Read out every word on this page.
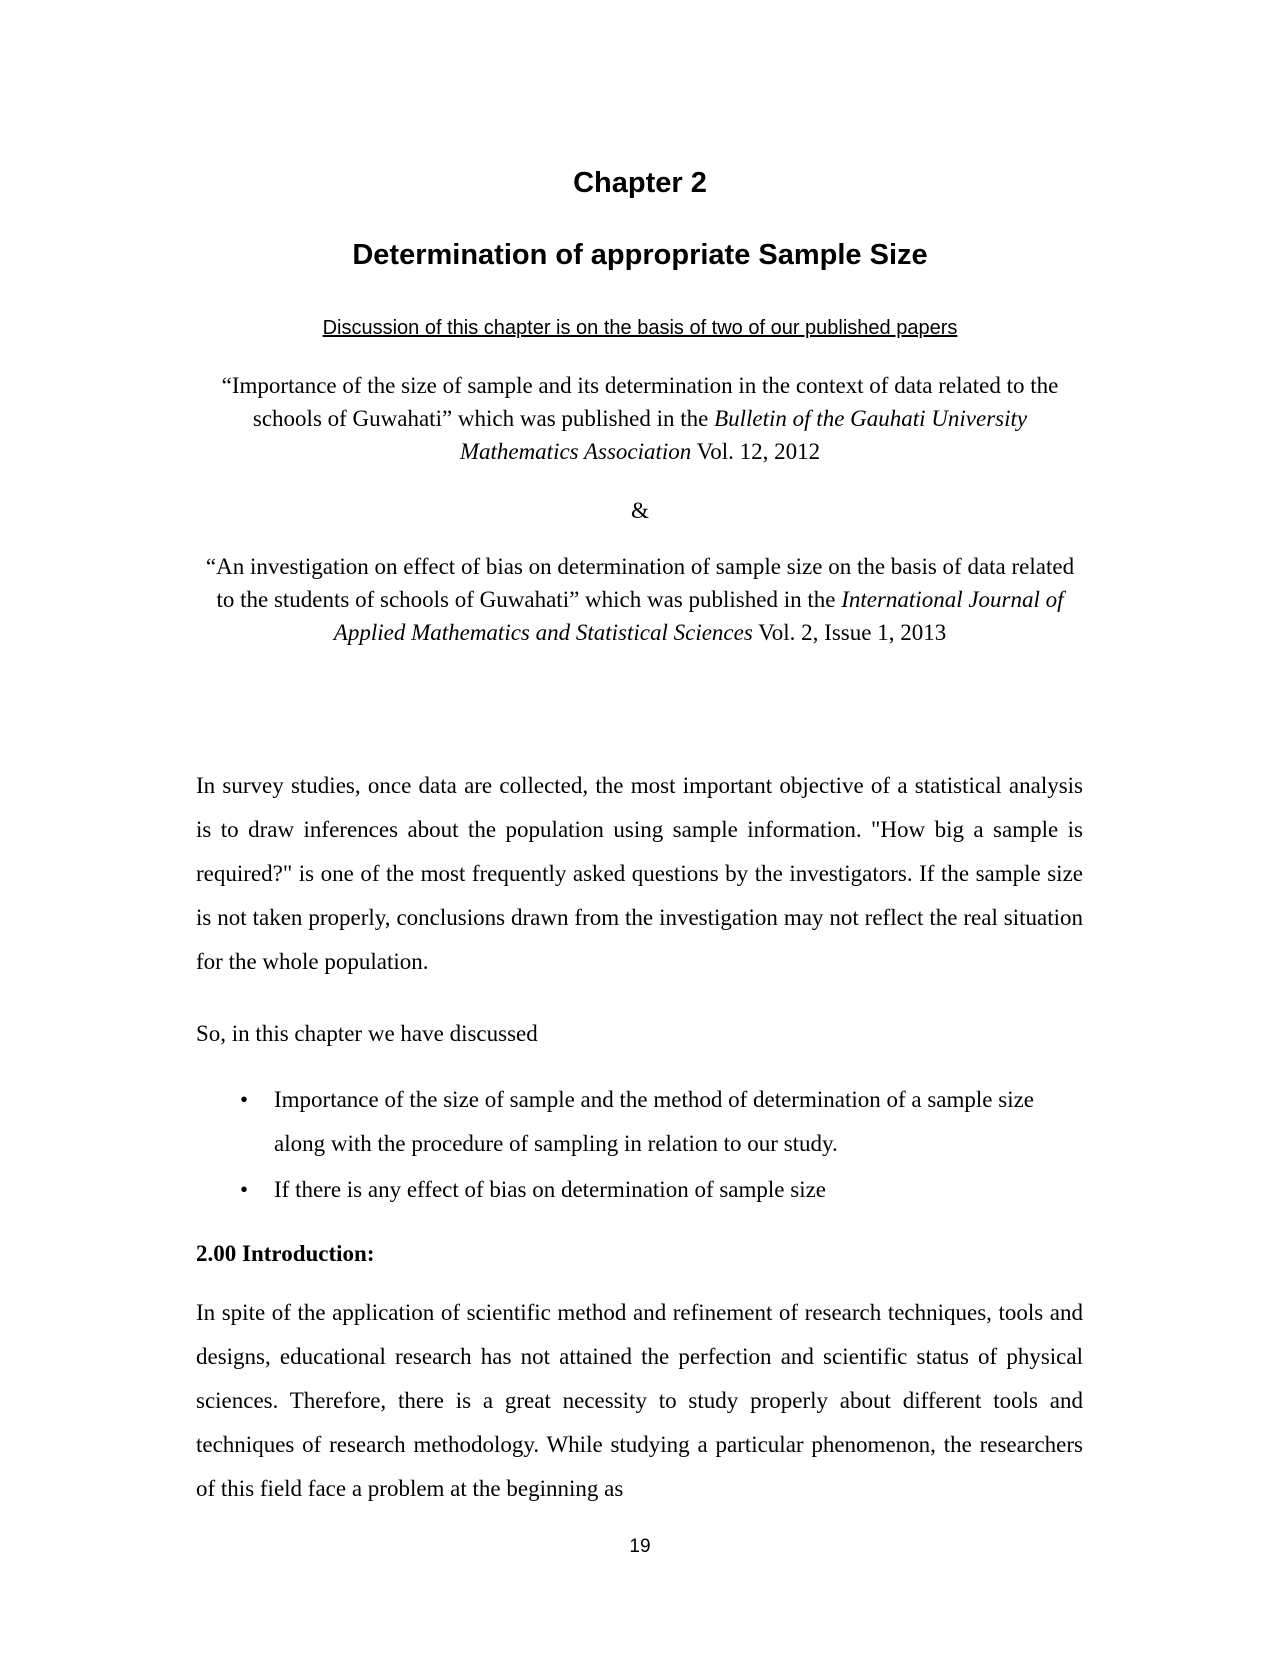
Chapter 2
Determination of appropriate Sample Size

Discussion of this chapter is on the basis of two of our published papers

“Importance of the size of sample and its determination in the context of data related to the schools of Guwahati” which was published in the Bulletin of the Gauhati University Mathematics Association Vol. 12, 2012

&

“An investigation on effect of bias on determination of sample size on the basis of data related to the students of schools of Guwahati” which was published in the International Journal of Applied Mathematics and Statistical Sciences Vol. 2, Issue 1, 2013

In survey studies, once data are collected, the most important objective of a statistical analysis is to draw inferences about the population using sample information. "How big a sample is required?" is one of the most frequently asked questions by the investigators. If the sample size is not taken properly, conclusions drawn from the investigation may not reflect the real situation for the whole population.

So, in this chapter we have discussed

• Importance of the size of sample and the method of determination of a sample size along with the procedure of sampling in relation to our study.
• If there is any effect of bias on determination of sample size
2.00 Introduction:

In spite of the application of scientific method and refinement of research techniques, tools and designs, educational research has not attained the perfection and scientific status of physical sciences. Therefore, there is a great necessity to study properly about different tools and techniques of research methodology. While studying a particular phenomenon, the researchers of this field face a problem at the beginning as

19
